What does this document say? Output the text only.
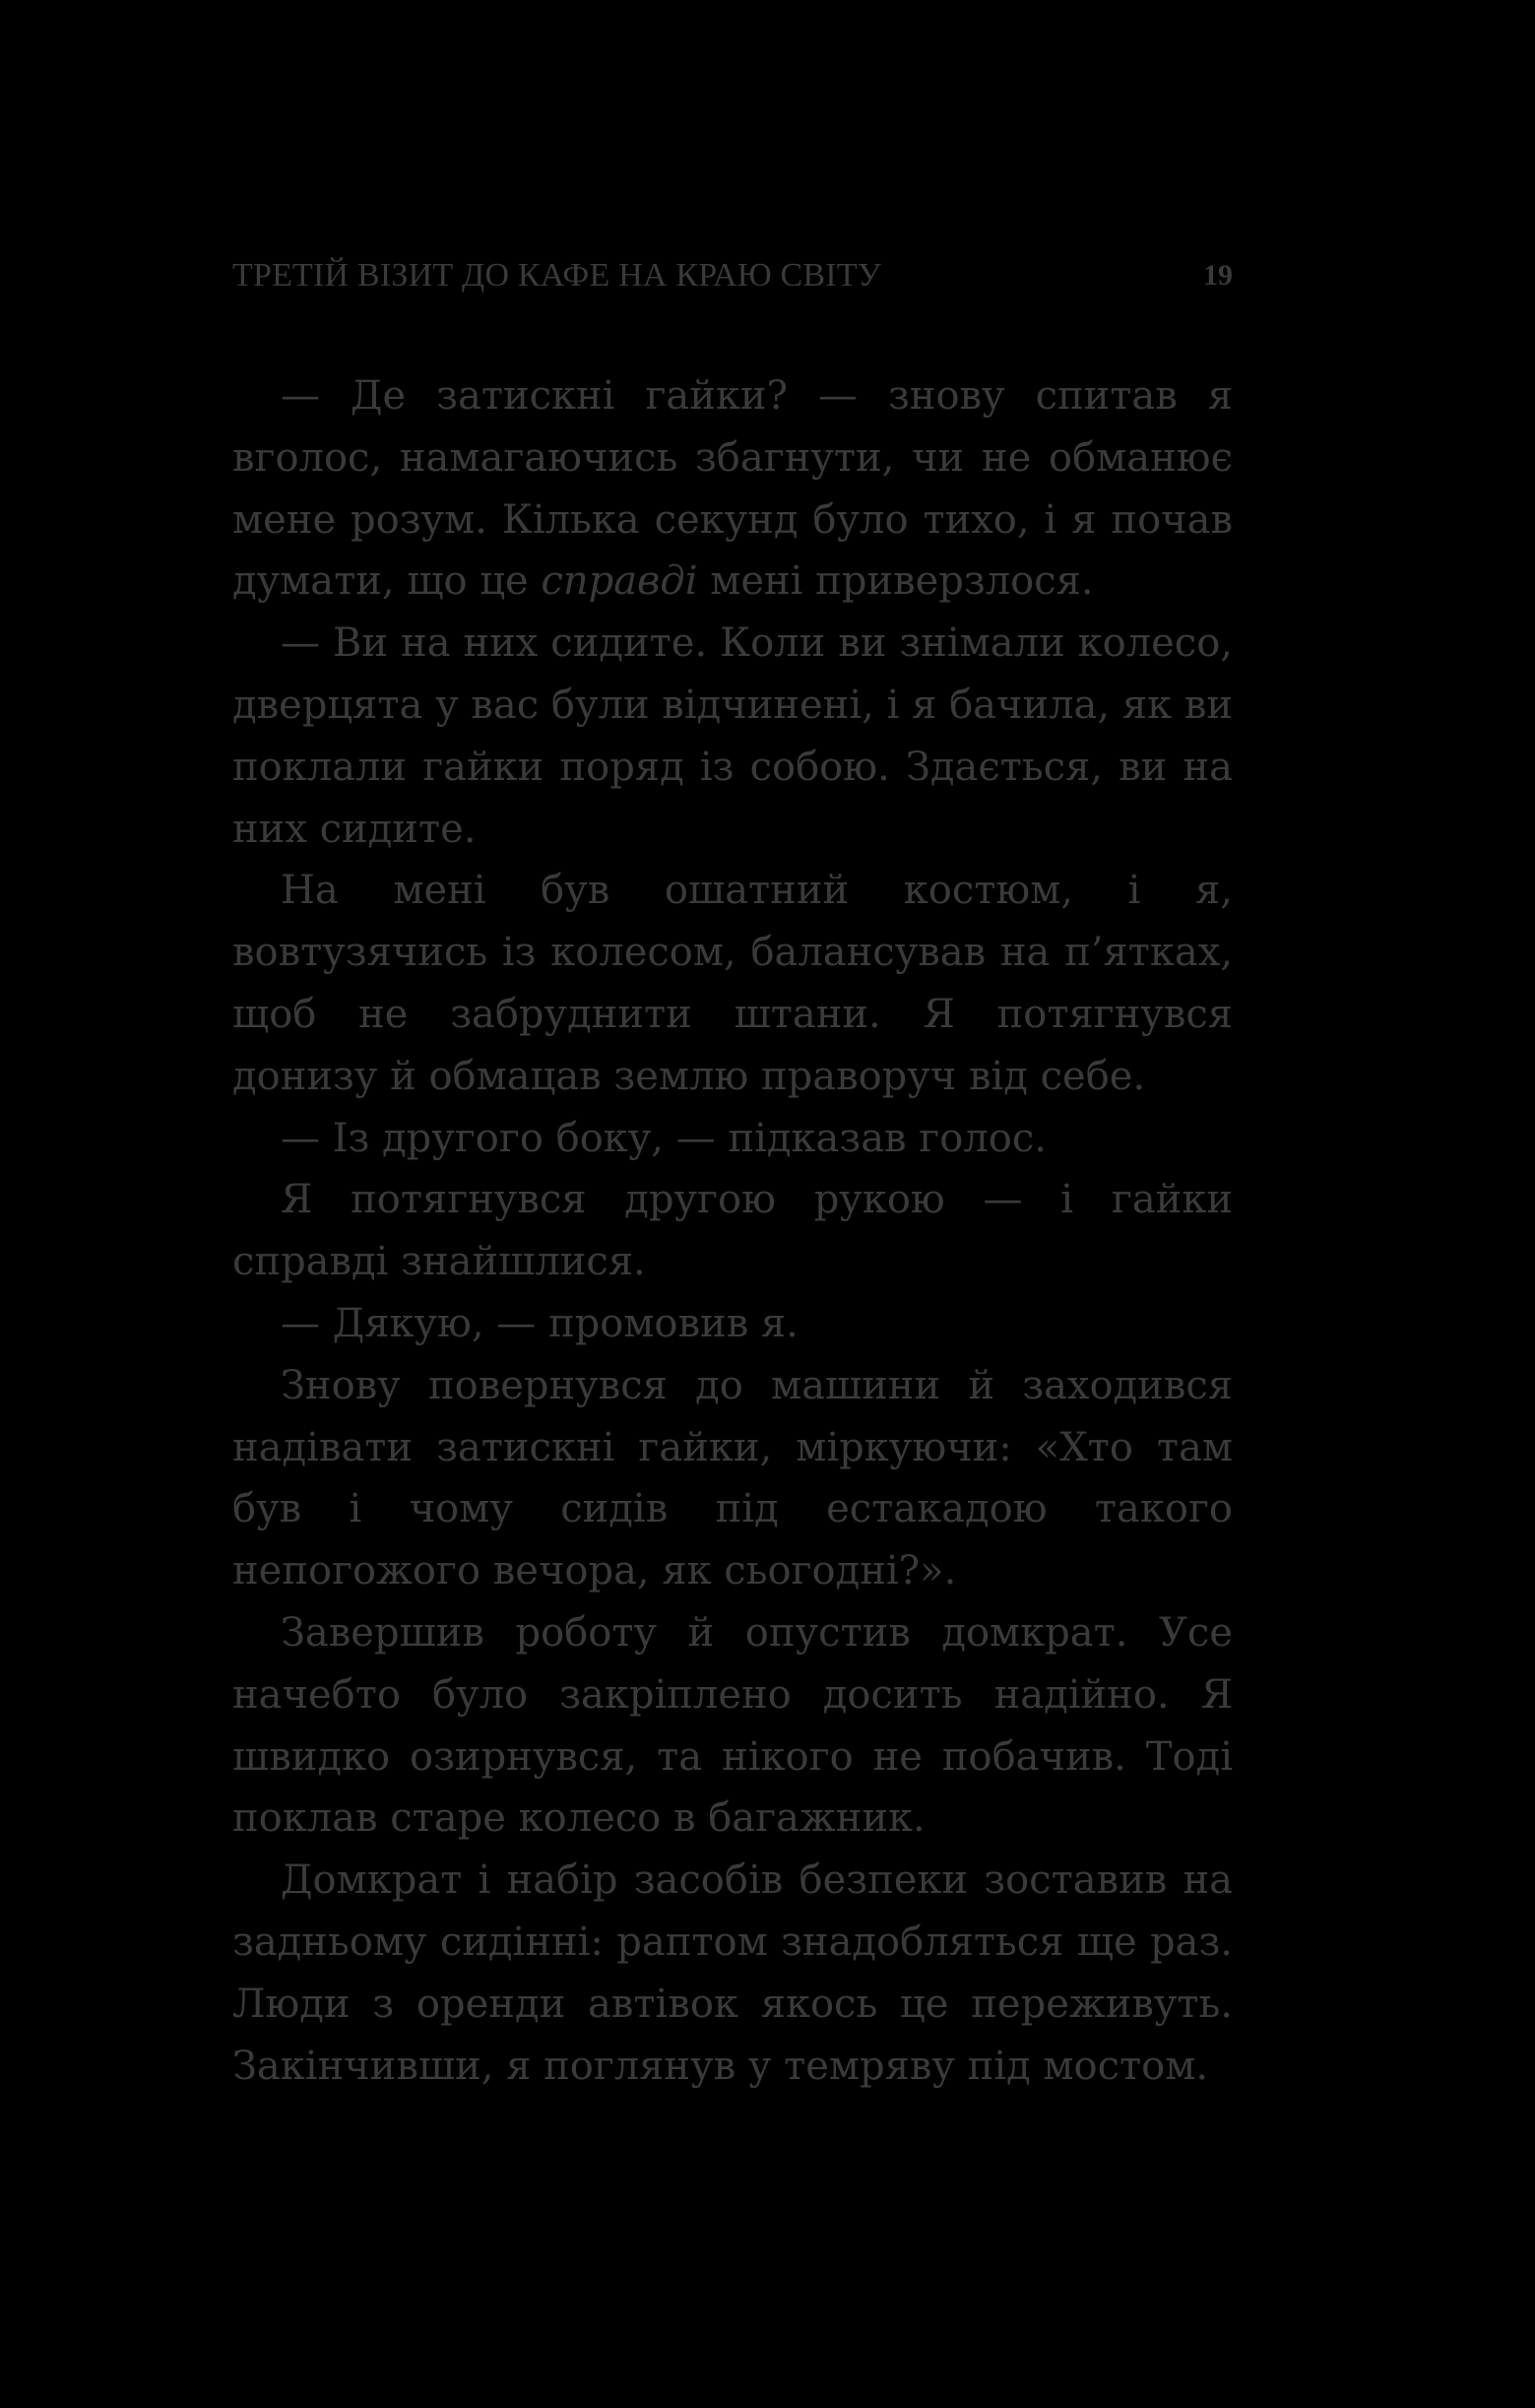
ТРЕТІЙ ВІЗИТ ДО КАФЕ НА КРАЮ СВІТУ	19

— Де затискні гайки? — знову спитав я вголос, намагаючись збагнути, чи не обманює мене розум. Кілька секунд було тихо, і я почав думати, що це справді мені приверзлося.

— Ви на них сидите. Коли ви знімали колесо, дверцята у вас були відчинені, і я бачила, як ви поклали гайки поряд із собою. Здається, ви на них сидите.

На мені був ошатний костюм, і я, вовтузячись із колесом, балансував на п’ятках, щоб не забруднити штани. Я потягнувся донизу й обмацав землю праворуч від себе.

— Із другого боку, — підказав голос.

Я потягнувся другою рукою — і гайки справді знайшлися.

— Дякую, — промовив я.

Знову повернувся до машини й заходився надівати затискні гайки, міркуючи: «Хто там був і чому сидів під естакадою такого непогожого вечора, як сьогодні?».

Завершив роботу й опустив домкрат. Усе начебто було закріплено досить надійно. Я швидко озирнувся, та нікого не побачив. Тоді поклав старе колесо в багажник.

Домкрат і набір засобів безпеки зоставив на задньому сидінні: раптом знадобляться ще раз. Люди з оренди автівок якось це переживуть. Закінчивши, я поглянув у темряву під мостом.
